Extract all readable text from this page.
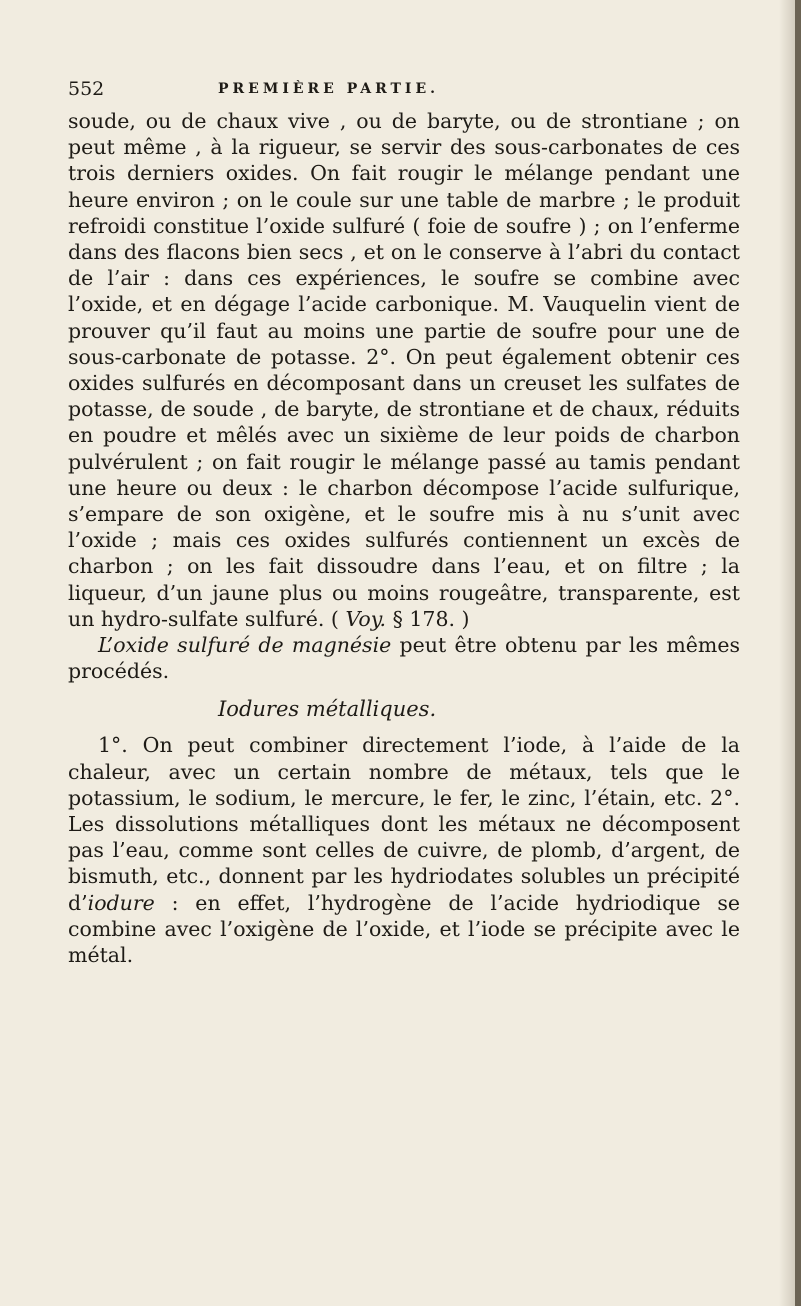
552	PREMIÈRE PARTIE.

soude, ou de chaux vive , ou de baryte, ou de strontiane ; on peut même , à la rigueur, se servir des sous-carbonates de ces trois derniers oxides. On fait rougir le mélange pendant une heure environ ; on le coule sur une table de marbre ; le produit refroidi constitue l’oxide sulfuré ( foie de soufre ) ; on l’enferme dans des flacons bien secs , et on le conserve à l’abri du contact de l’air : dans ces expériences, le soufre se combine avec l’oxide, et en dégage l’acide carbonique. M. Vauquelin vient de prouver qu’il faut au moins une partie de soufre pour une de sous-carbonate de potasse. 2°. On peut également obtenir ces oxides sulfurés en décomposant dans un creuset les sulfates de potasse, de soude , de baryte, de strontiane et de chaux, réduits en poudre et mêlés avec un sixième de leur poids de charbon pulvérulent ; on fait rougir le mélange passé au tamis pendant une heure ou deux : le charbon décompose l’acide sulfurique, s’empare de son oxigène, et le soufre mis à nu s’unit avec l’oxide ; mais ces oxides sulfurés contiennent un excès de charbon ; on les fait dissoudre dans l’eau, et on filtre ; la liqueur, d’un jaune plus ou moins rougeâtre, transparente, est un hydro-sulfate sulfuré. ( Voy. § 178. )

L’oxide sulfuré de magnésie peut être obtenu par les mêmes procédés.

Iodures métalliques.

1°. On peut combiner directement l’iode, à l’aide de la chaleur, avec un certain nombre de métaux, tels que le potassium, le sodium, le mercure, le fer, le zinc, l’étain, etc. 2°. Les dissolutions métalliques dont les métaux ne décomposent pas l’eau, comme sont celles de cuivre, de plomb, d’argent, de bismuth, etc., donnent par les hydriodates solubles un précipité d’iodure : en effet, l’hydrogène de l’acide hydriodique se combine avec l’oxigène de l’oxide, et l’iode se précipite avec le métal.
